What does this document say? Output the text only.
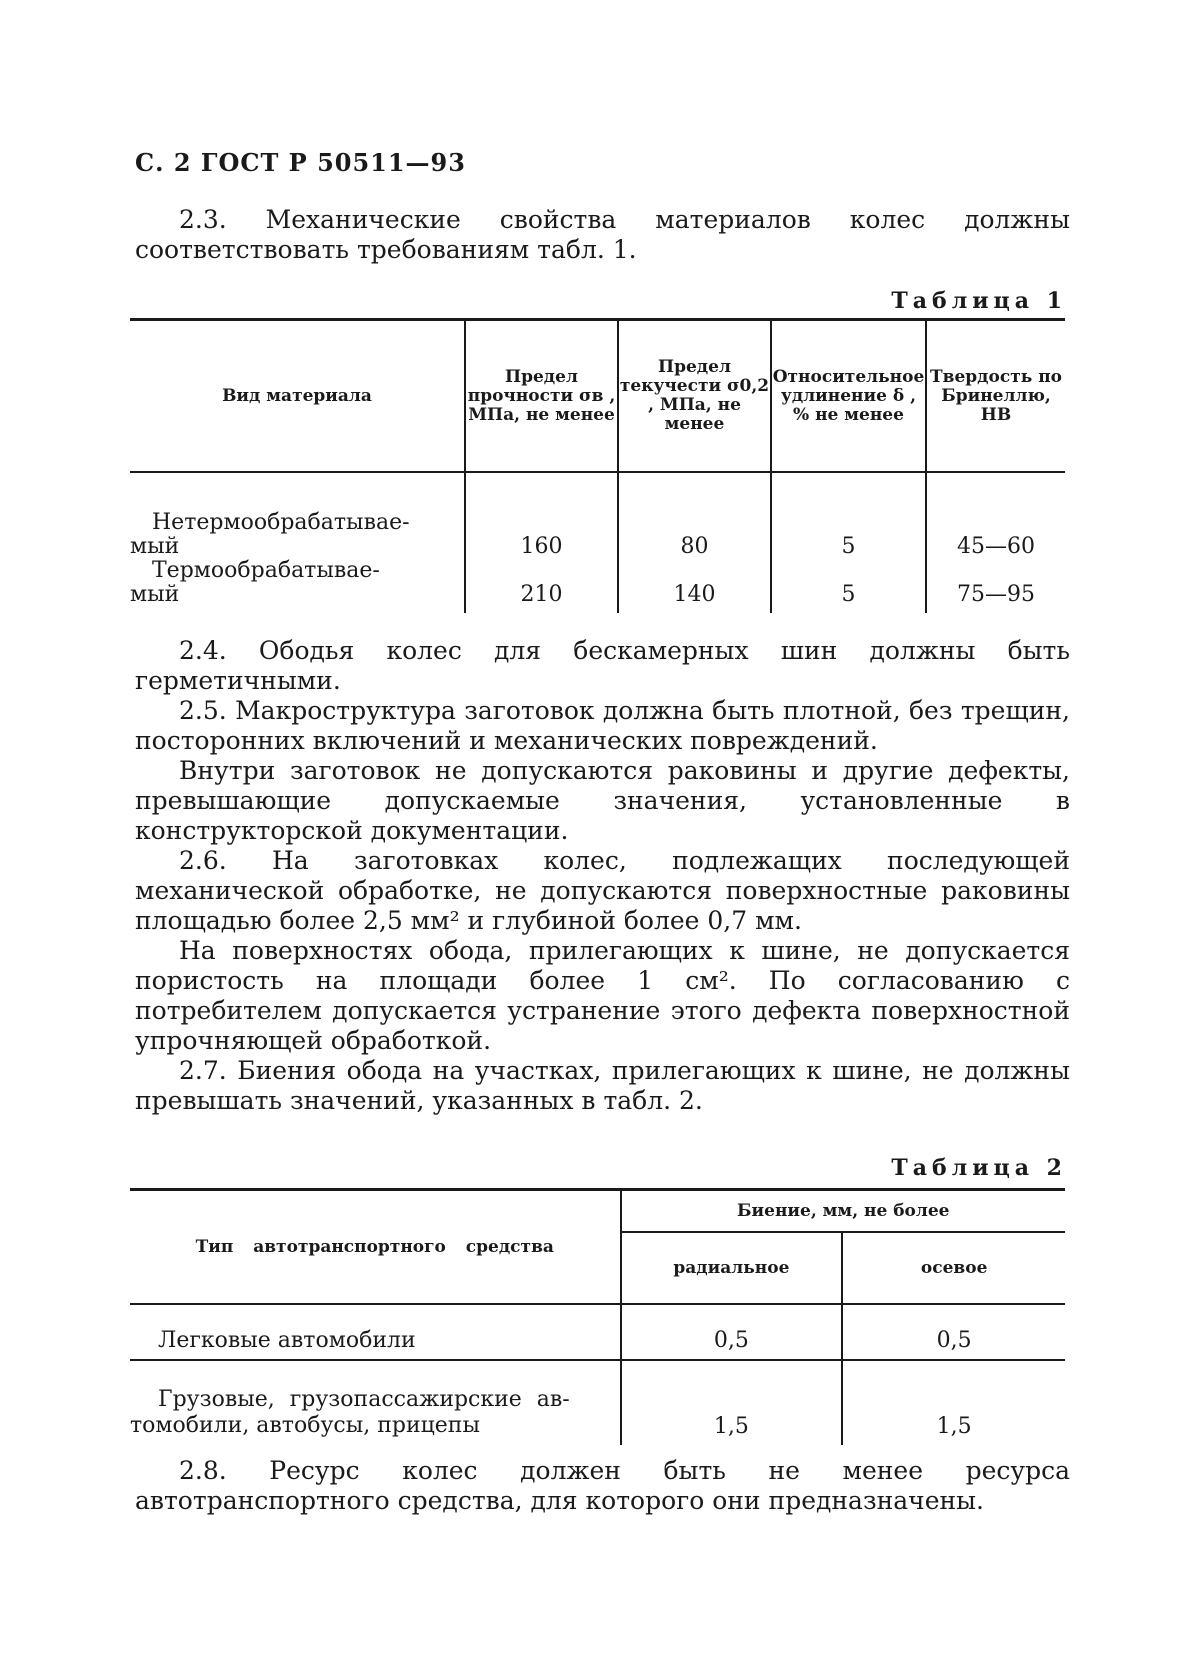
С. 2 ГОСТ Р 50511—93

2.3. Механические свойства материалов колес должны соответствовать требованиям табл. 1.

Таблица 1
Вид материала	Предел прочности σв , МПа, не менее	Предел текучести σ0,2 , МПа, не менее	Относительное удлинение δ , % не менее	Твердость по Бринеллю, НВ

Нетермообрабатывае-
мый	160	80	5	45—60

Термообрабатывае-
мый	210	140	5	75—95

2.4. Ободья колес для бескамерных шин должны быть герметичными.

2.5. Макроструктура заготовок должна быть плотной, без трещин, посторонних включений и механических повреждений.

Внутри заготовок не допускаются раковины и другие дефекты, превышающие допускаемые значения, установленные в конструкторской документации.

2.6. На заготовках колес, подлежащих последующей механической обработке, не допускаются поверхностные раковины площадью более 2,5 мм² и глубиной более 0,7 мм.

На поверхностях обода, прилегающих к шине, не допускается пористость на площади более 1 см². По согласованию с потребителем допускается устранение этого дефекта поверхностной упрочняющей обработкой.

2.7. Биения обода на участках, прилегающих к шине, не должны превышать значений, указанных в табл. 2.

Таблица 2
Тип автотранспортного средства	Биение, мм, не более	
	радиальное	осевое
Легковые автомобили	0,5	0,5

Грузовые, грузопассажирские ав-
томобили, автобусы, прицепы	1,5	1,5

2.8. Ресурс колес должен быть не менее ресурса автотранспортного средства, для которого они предназначены.
